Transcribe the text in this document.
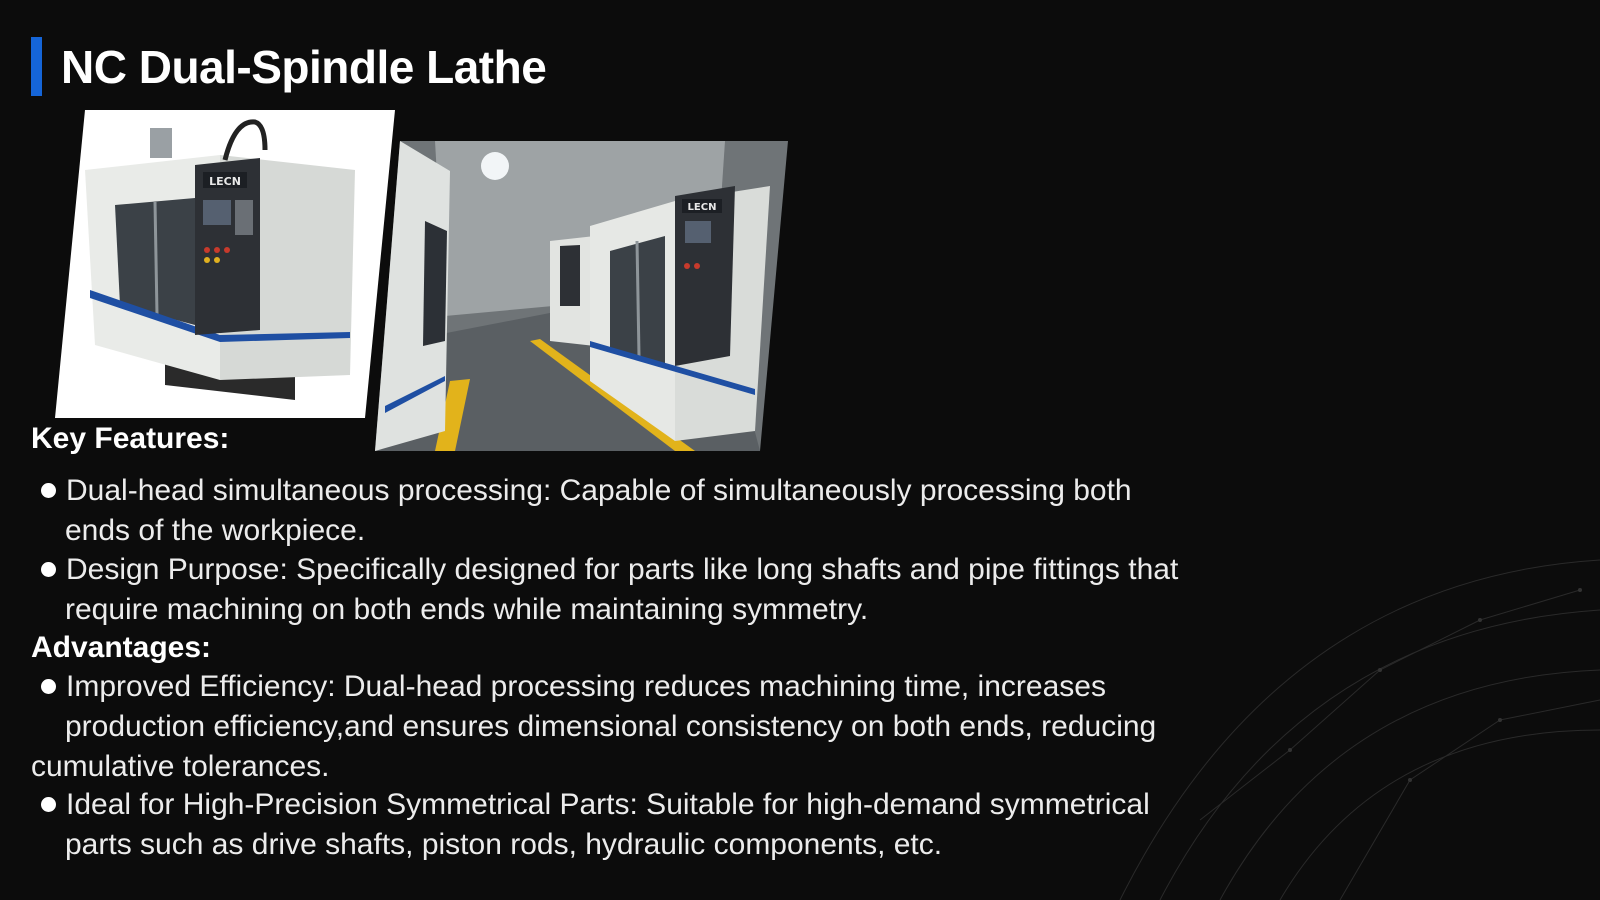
NC Dual-Spindle Lathe
LECN
LECN
Key Features:
Dual-head simultaneous processing: Capable of simultaneously processing both
ends of the workpiece.
Design Purpose: Specifically designed for parts like long shafts and pipe fittings that
require machining on both ends while maintaining symmetry.
Advantages:
Improved Efficiency: Dual-head processing reduces machining time, increases
production efficiency,and ensures dimensional consistency on both ends, reducing
cumulative tolerances.
Ideal for High-Precision Symmetrical Parts: Suitable for high-demand symmetrical
parts such as drive shafts, piston rods, hydraulic components, etc.
